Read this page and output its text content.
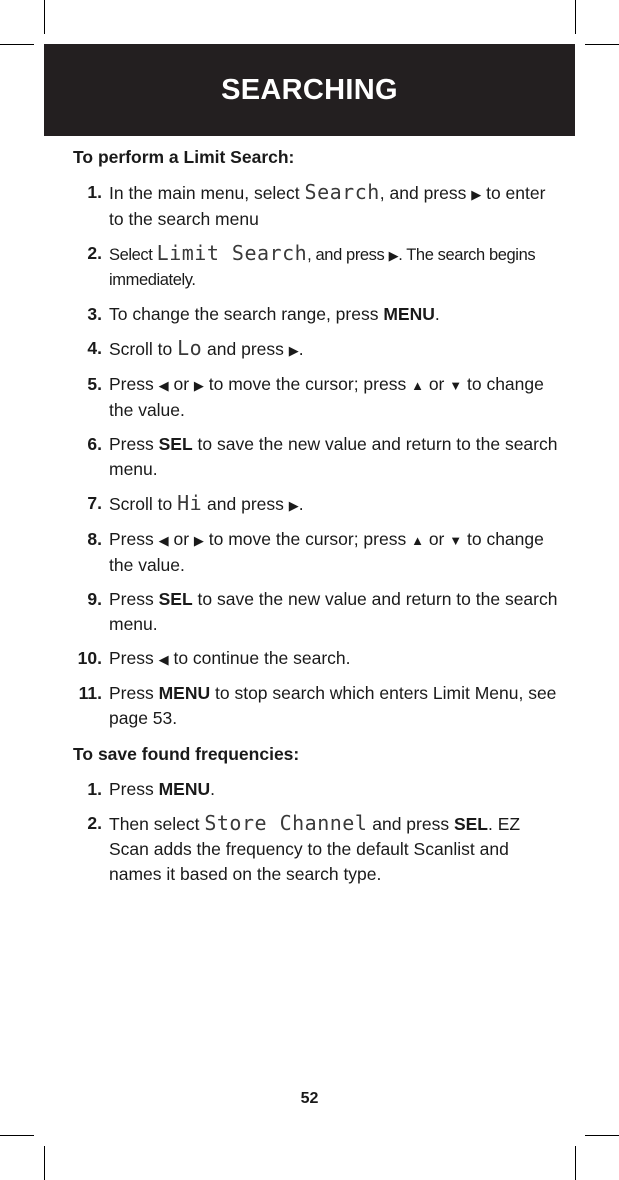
SEARCHING
To perform a Limit Search:
1. In the main menu, select Search, and press ▶ to enter to the search menu
2. Select Limit Search, and press ▶. The search begins immediately.
3. To change the search range, press MENU.
4. Scroll to Lo and press ▶.
5. Press ◀ or ▶ to move the cursor; press ▲ or ▼ to change the value.
6. Press SEL to save the new value and return to the search menu.
7. Scroll to Hi and press ▶.
8. Press ◀ or ▶ to move the cursor; press ▲ or ▼ to change the value.
9. Press SEL to save the new value and return to the search menu.
10. Press ◀ to continue the search.
11. Press MENU to stop search which enters Limit Menu, see page 53.
To save found frequencies:
1. Press MENU.
2. Then select Store Channel and press SEL. EZ Scan adds the frequency to the default Scanlist and names it based on the search type.
52
